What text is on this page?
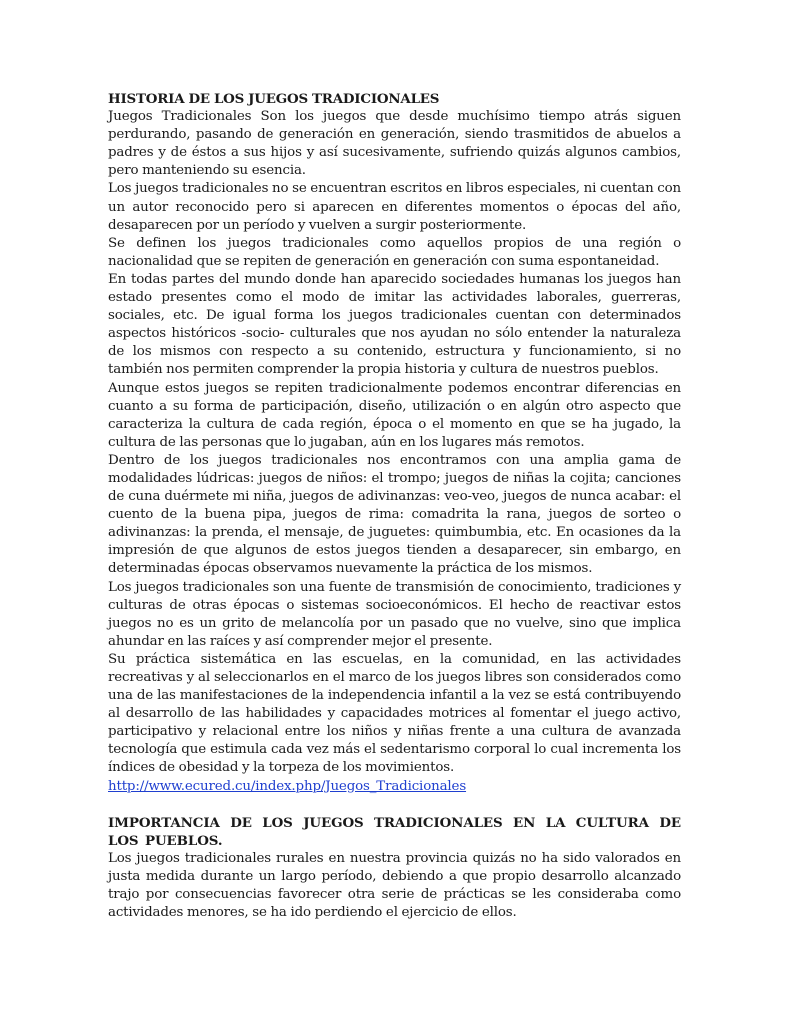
HISTORIA DE LOS JUEGOS TRADICIONALES

Juegos Tradicionales Son los juegos que desde muchísimo tiempo atrás siguen perdurando, pasando de generación en generación, siendo trasmitidos de abuelos a padres y de éstos a sus hijos y así sucesivamente, sufriendo quizás algunos cambios, pero manteniendo su esencia.

Los juegos tradicionales no se encuentran escritos en libros especiales, ni cuentan con un autor reconocido pero si aparecen en diferentes momentos o épocas del año, desaparecen por un período y vuelven a surgir posteriormente.

Se definen los juegos tradicionales como aquellos propios de una región o nacionalidad que se repiten de generación en generación con suma espontaneidad.

En todas partes del mundo donde han aparecido sociedades humanas los juegos han estado presentes como el modo de imitar las actividades laborales, guerreras, sociales, etc. De igual forma los juegos tradicionales cuentan con determinados aspectos históricos -socio- culturales que nos ayudan no sólo entender la naturaleza de los mismos con respecto a su contenido, estructura y funcionamiento, si no también nos permiten comprender la propia historia y cultura de nuestros pueblos.

Aunque estos juegos se repiten tradicionalmente podemos encontrar diferencias en cuanto a su forma de participación, diseño, utilización o en algún otro aspecto que caracteriza la cultura de cada región, época o el momento en que se ha jugado, la cultura de las personas que lo jugaban, aún en los lugares más remotos.

Dentro de los juegos tradicionales nos encontramos con una amplia gama de modalidades lúdricas: juegos de niños: el trompo; juegos de niñas la cojita; canciones de cuna duérmete mi niña, juegos de adivinanzas: veo-veo, juegos de nunca acabar: el cuento de la buena pipa, juegos de rima: comadrita la rana, juegos de sorteo o adivinanzas: la prenda, el mensaje, de juguetes: quimbumbia, etc. En ocasiones da la impresión de que algunos de estos juegos tienden a desaparecer, sin embargo, en determinadas épocas observamos nuevamente la práctica de los mismos.

Los juegos tradicionales son una fuente de transmisión de conocimiento, tradiciones y culturas de otras épocas o sistemas socioeconómicos. El hecho de reactivar estos juegos no es un grito de melancolía por un pasado que no vuelve, sino que implica ahundar en las raíces y así comprender mejor el presente.

Su práctica sistemática en las escuelas, en la comunidad, en las actividades recreativas y al seleccionarlos en el marco de los juegos libres son considerados como una de las manifestaciones de la independencia infantil a la vez se está contribuyendo al desarrollo de las habilidades y capacidades motrices al fomentar el juego activo, participativo y relacional entre los niños y niñas frente a una cultura de avanzada tecnología que estimula cada vez más el sedentarismo corporal lo cual incrementa los índices de obesidad y la torpeza de los movimientos.

http://www.ecured.cu/index.php/Juegos_Tradicionales

IMPORTANCIA DE LOS JUEGOS TRADICIONALES EN LA CULTURA DE LOS PUEBLOS.

Los juegos tradicionales rurales en nuestra provincia quizás no ha sido valorados en justa medida durante un largo período, debiendo a que propio desarrollo alcanzado trajo por consecuencias favorecer otra serie de prácticas se les consideraba como actividades menores, se ha ido perdiendo el ejercicio de ellos.
